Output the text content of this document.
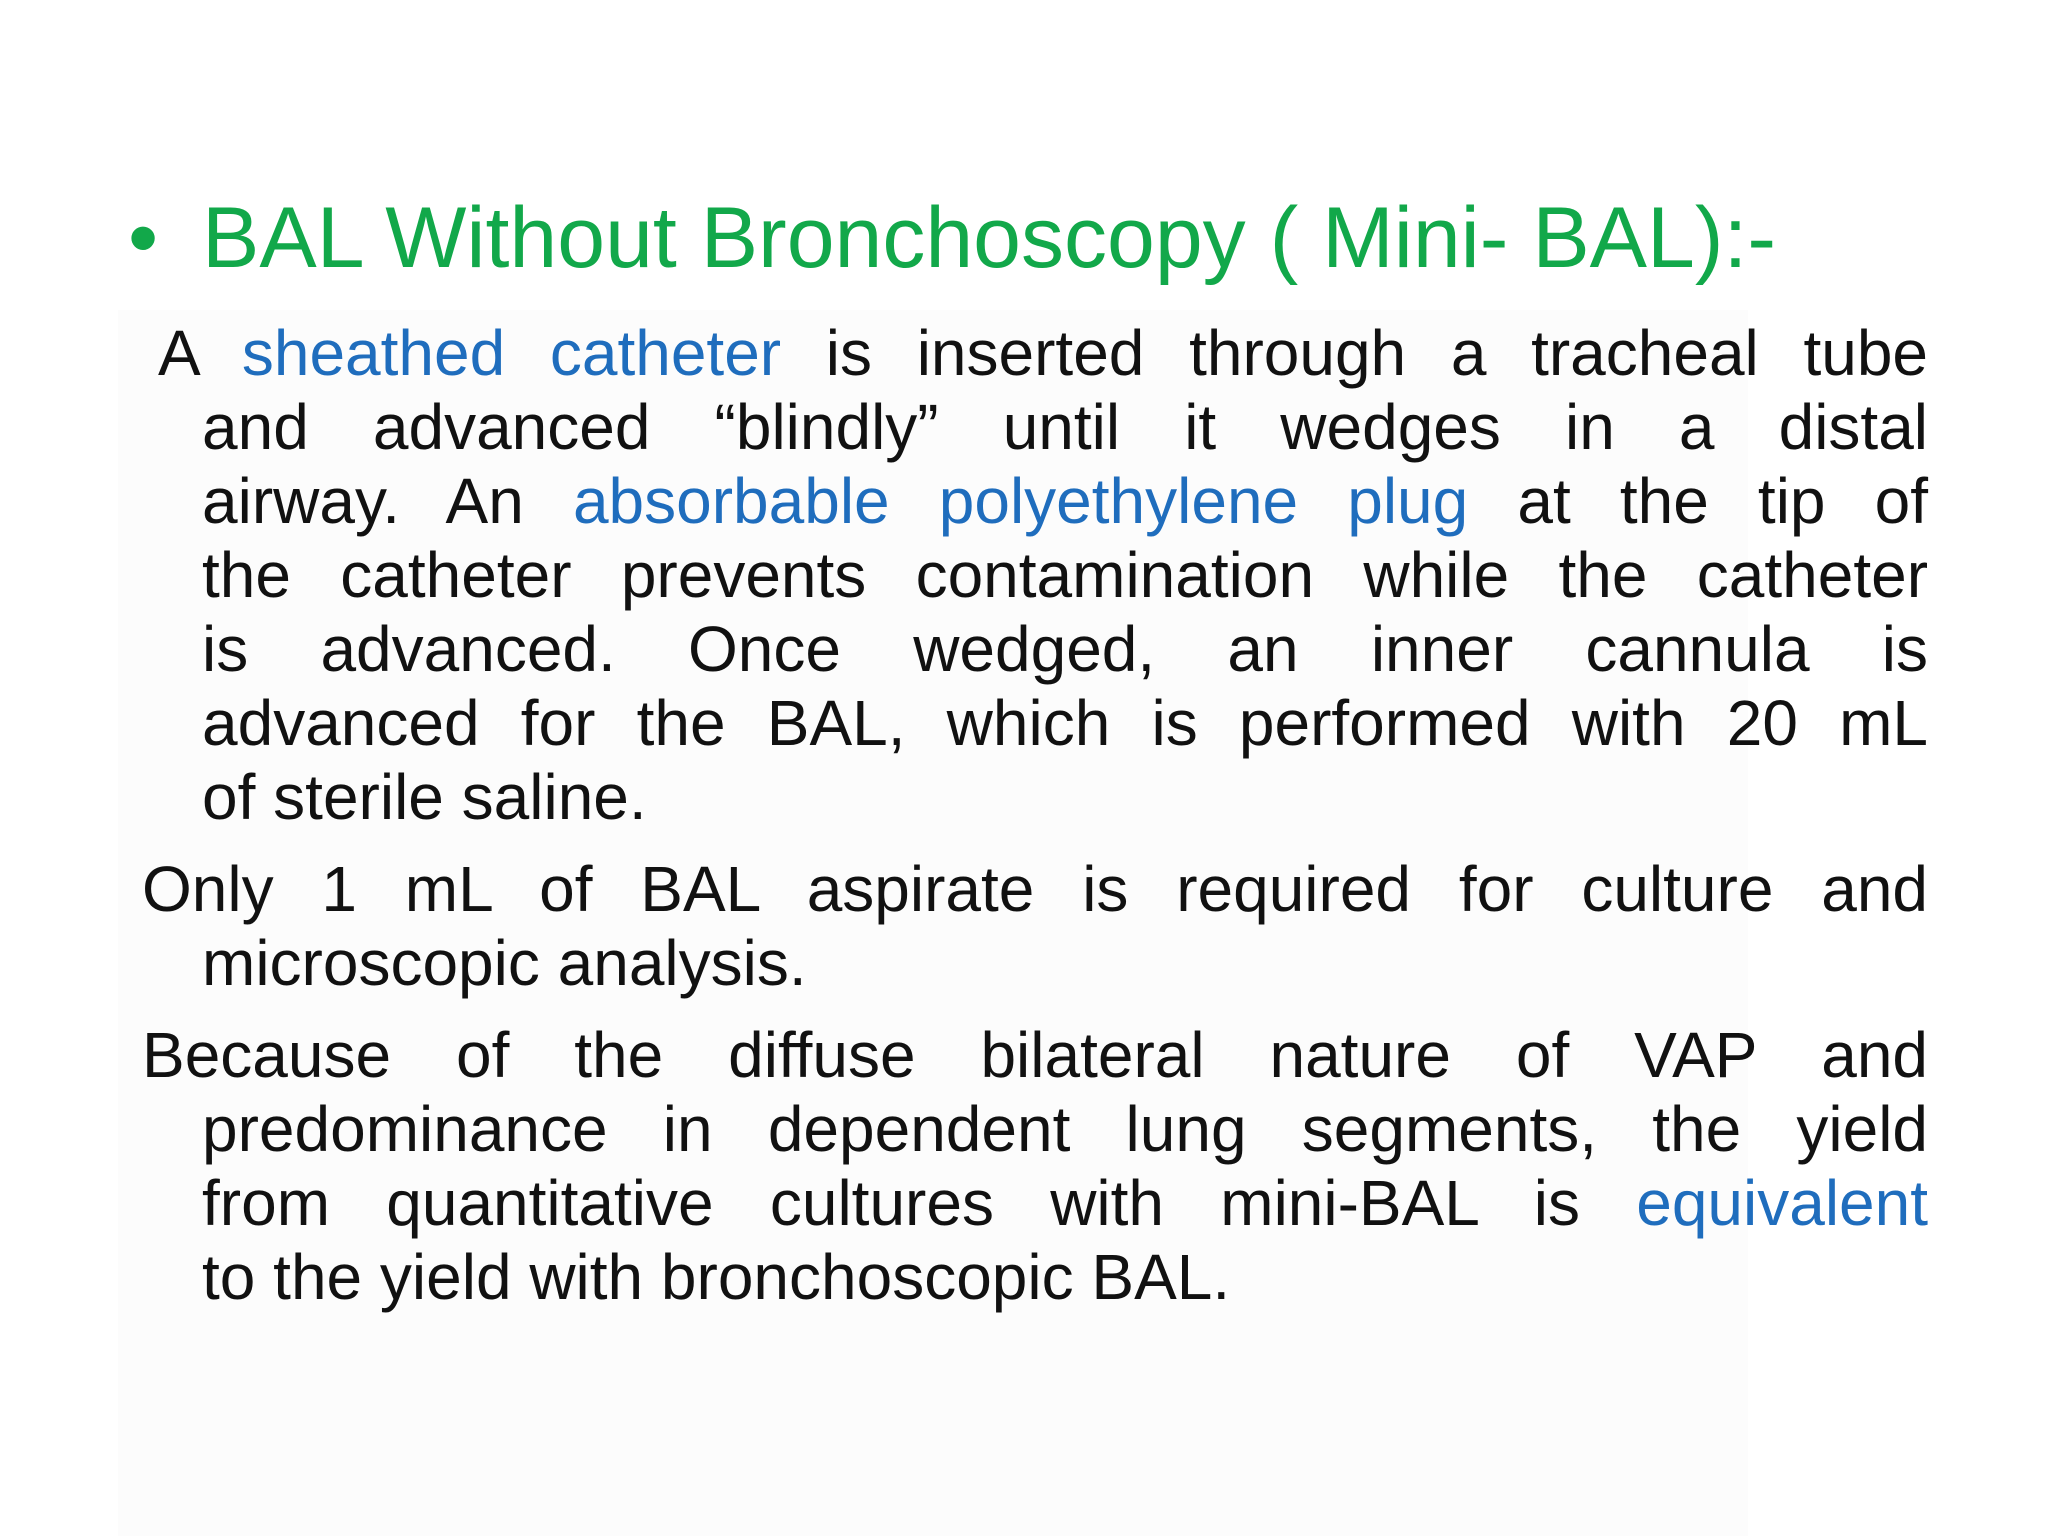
• BAL Without Bronchoscopy ( Mini- BAL):-
A sheathed catheter is inserted through a tracheal tube
and advanced “blindly” until it wedges in a distal
airway. An absorbable polyethylene plug at the tip of
the catheter prevents contamination while the catheter
is advanced. Once wedged, an inner cannula is
advanced for the BAL, which is performed with 20 mL
of sterile saline.
Only 1 mL of BAL aspirate is required for culture and
microscopic analysis.
Because of the diffuse bilateral nature of VAP and
predominance in dependent lung segments, the yield
from quantitative cultures with mini-BAL is equivalent
to the yield with bronchoscopic BAL.
